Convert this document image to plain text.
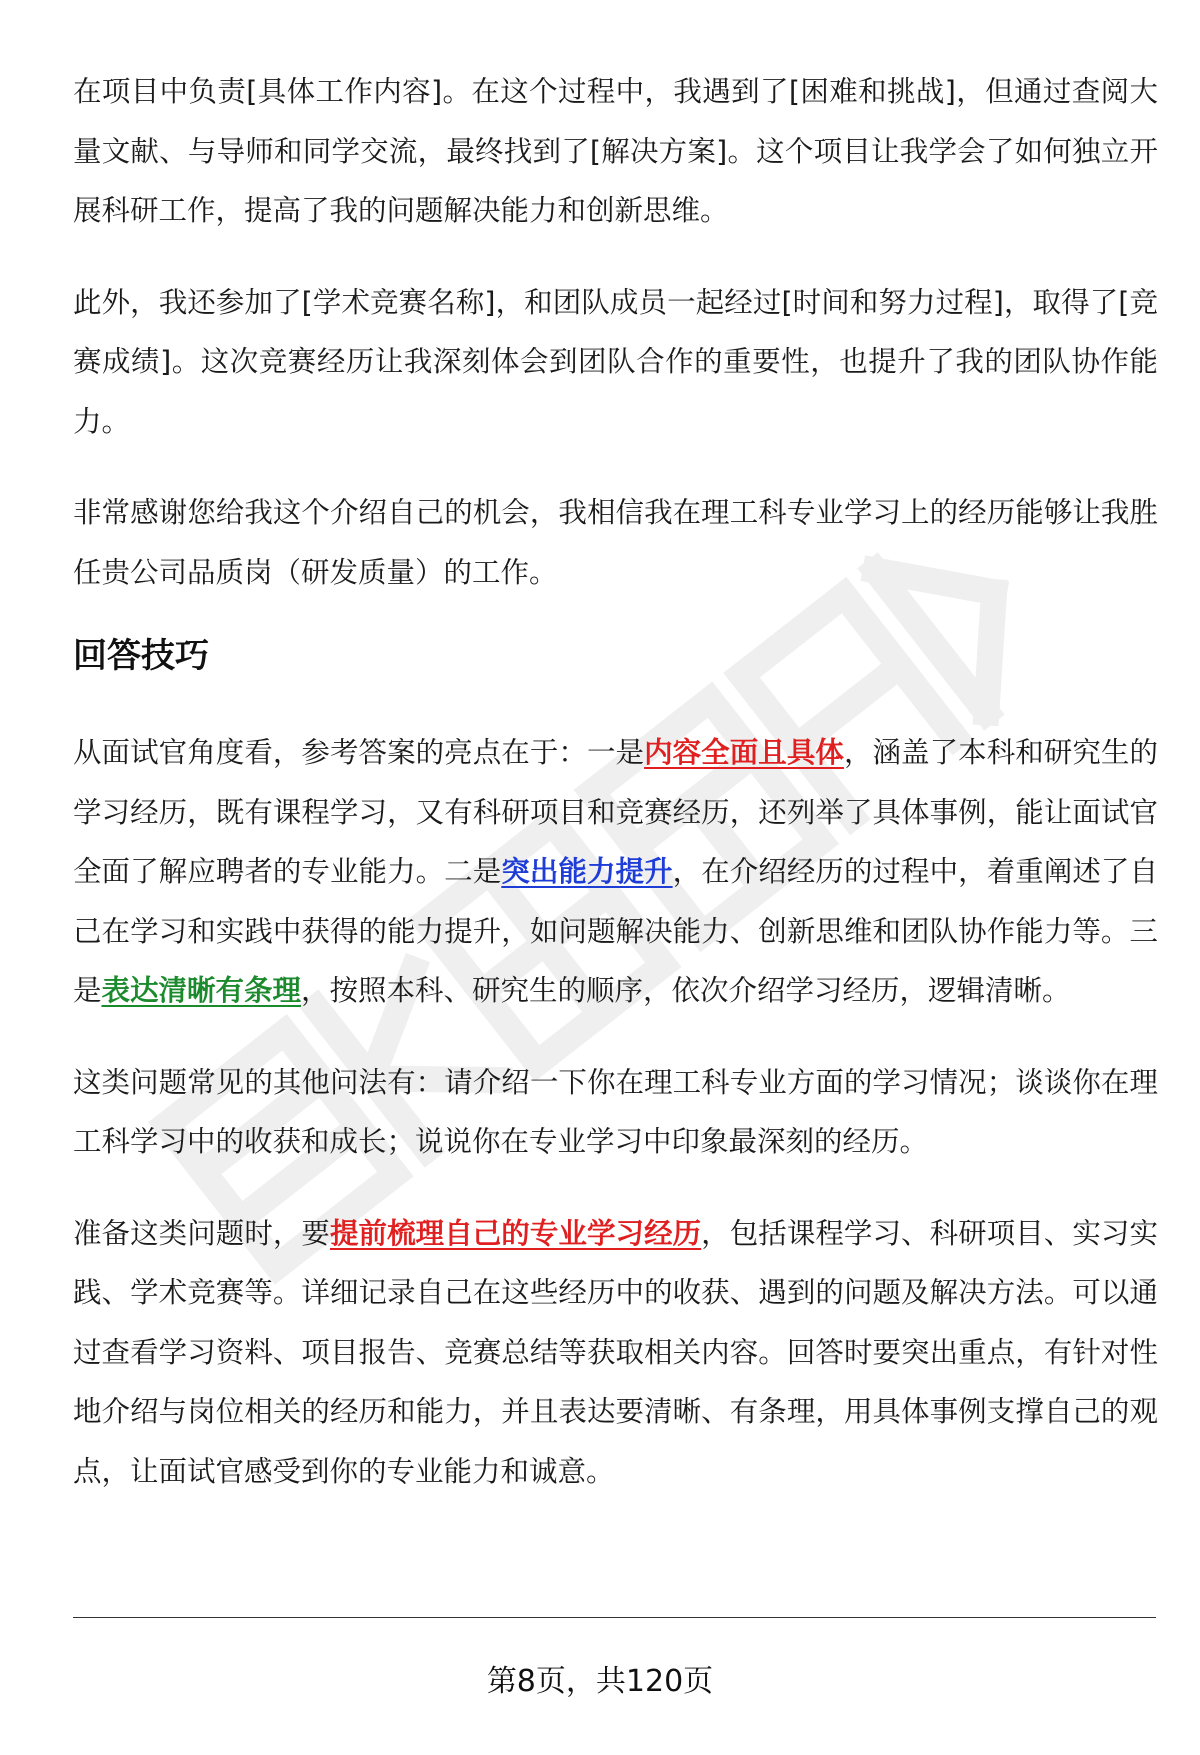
在项目中负责[具体工作内容]。在这个过程中，我遇到了[困难和挑战]，但通过查阅大量文献、与导师和同学交流，最终找到了[解决方案]。这个项目让我学会了如何独立开展科研工作，提高了我的问题解决能力和创新思维。

此外，我还参加了[学术竞赛名称]，和团队成员一起经过[时间和努力过程]，取得了[竞赛成绩]。这次竞赛经历让我深刻体会到团队合作的重要性，也提升了我的团队协作能力。

非常感谢您给我这个介绍自己的机会，我相信我在理工科专业学习上的经历能够让我胜任贵公司品质岗（研发质量）的工作。

回答技巧

从面试官角度看，参考答案的亮点在于：一是内容全面且具体，涵盖了本科和研究生的学习经历，既有课程学习，又有科研项目和竞赛经历，还列举了具体事例，能让面试官全面了解应聘者的专业能力。二是突出能力提升，在介绍经历的过程中，着重阐述了自己在学习和实践中获得的能力提升，如问题解决能力、创新思维和团队协作能力等。三是表达清晰有条理，按照本科、研究生的顺序，依次介绍学习经历，逻辑清晰。

这类问题常见的其他问法有：请介绍一下你在理工科专业方面的学习情况；谈谈你在理工科学习中的收获和成长；说说你在专业学习中印象最深刻的经历。

准备这类问题时，要提前梳理自己的专业学习经历，包括课程学习、科研项目、实习实践、学术竞赛等。详细记录自己在这些经历中的收获、遇到的问题及解决方法。可以通过查看学习资料、项目报告、竞赛总结等获取相关内容。回答时要突出重点，有针对性地介绍与岗位相关的经历和能力，并且表达要清晰、有条理，用具体事例支撑自己的观点，让面试官感受到你的专业能力和诚意。

第8页，共120页
